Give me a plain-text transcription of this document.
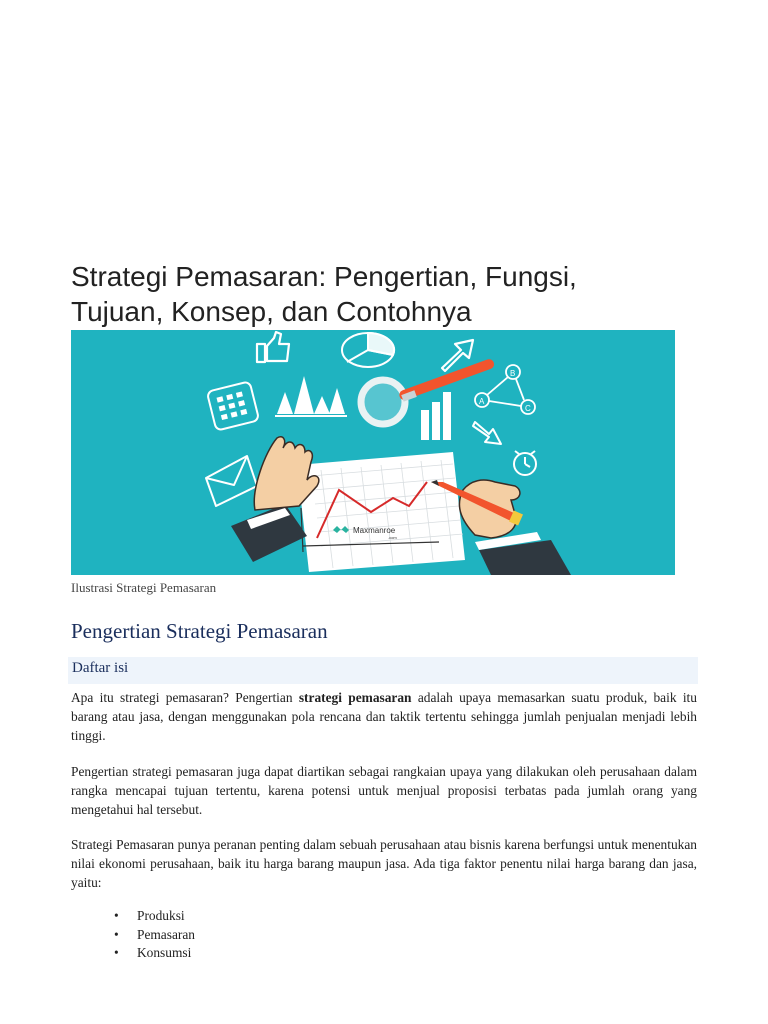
Strategi Pemasaran: Pengertian, Fungsi,
Tujuan, Konsep, dan Contohnya
B
A
C
Maxmanroe
.com

Ilustrasi Strategi Pemasaran

Pengertian Strategi Pemasaran
Daftar isi

Apa itu strategi pemasaran? Pengertian strategi pemasaran adalah upaya memasarkan suatu produk, baik itu barang atau jasa, dengan menggunakan pola rencana dan taktik tertentu sehingga jumlah penjualan menjadi lebih tinggi.

Pengertian strategi pemasaran juga dapat diartikan sebagai rangkaian upaya yang dilakukan oleh perusahaan dalam rangka mencapai tujuan tertentu, karena potensi untuk menjual proposisi terbatas pada jumlah orang yang mengetahui hal tersebut.

Strategi Pemasaran punya peranan penting dalam sebuah perusahaan atau bisnis karena berfungsi untuk menentukan nilai ekonomi perusahaan, baik itu harga barang maupun jasa. Ada tiga faktor penentu nilai harga barang dan jasa, yaitu:

• Produksi
• Pemasaran
• Konsumsi
